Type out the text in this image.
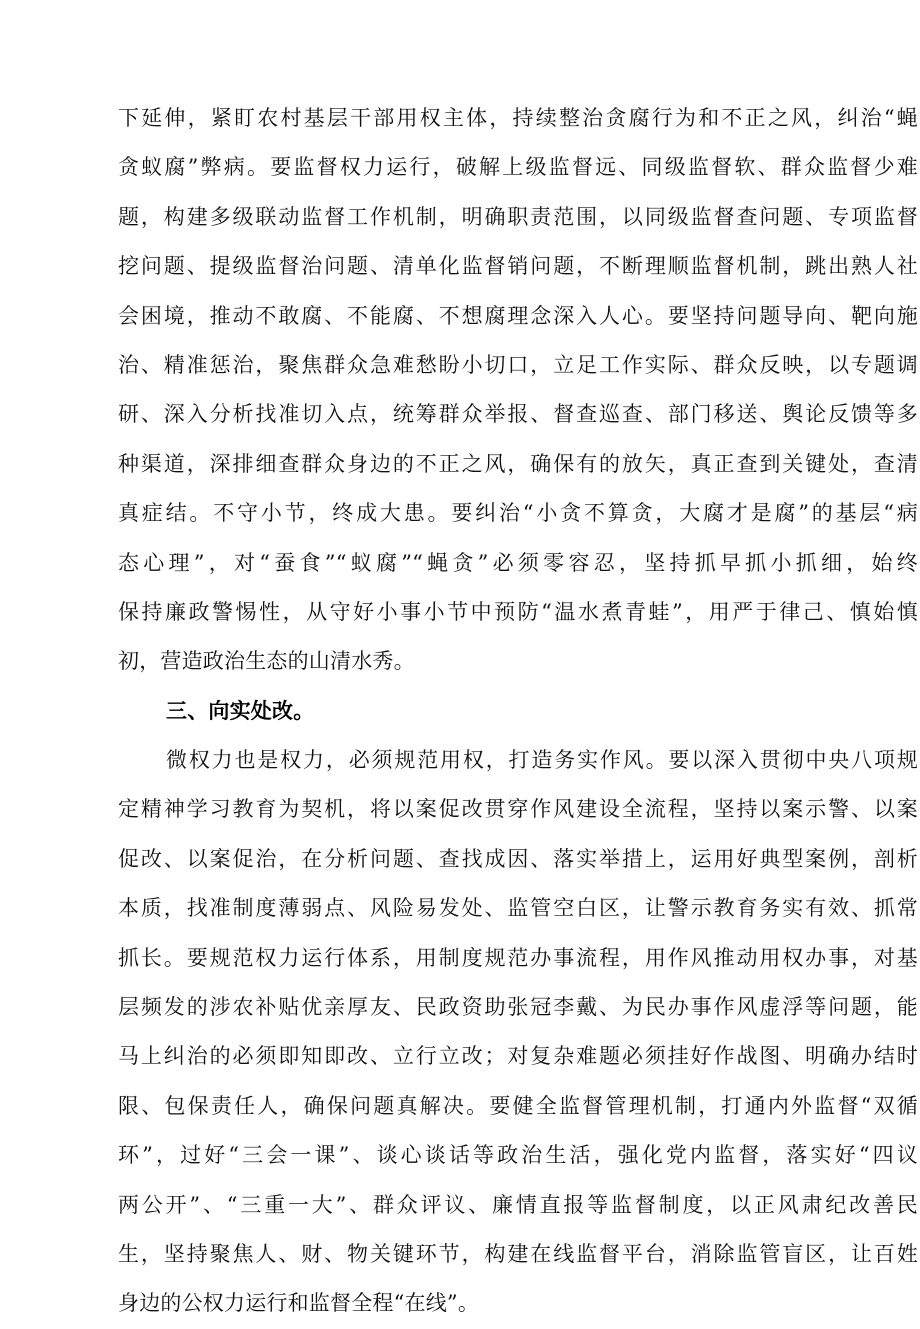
下延伸，紧盯农村基层干部用权主体，持续整治贪腐行为和不正之风，纠治“蝇
贪蚁腐”弊病。要监督权力运行，破解上级监督远、同级监督软、群众监督少难
题，构建多级联动监督工作机制，明确职责范围，以同级监督查问题、专项监督
挖问题、提级监督治问题、清单化监督销问题，不断理顺监督机制，跳出熟人社
会困境，推动不敢腐、不能腐、不想腐理念深入人心。要坚持问题导向、靶向施
治、精准惩治，聚焦群众急难愁盼小切口，立足工作实际、群众反映，以专题调
研、深入分析找准切入点，统筹群众举报、督查巡查、部门移送、舆论反馈等多
种渠道，深排细查群众身边的不正之风，确保有的放矢，真正查到关键处，查清
真症结。不守小节，终成大患。要纠治“小贪不算贪，大腐才是腐”的基层“病
态心理”，对“蚕食”“蚁腐”“蝇贪”必须零容忍，坚持抓早抓小抓细，始终
保持廉政警惕性，从守好小事小节中预防“温水煮青蛙”，用严于律己、慎始慎
初，营造政治生态的山清水秀。
三、向实处改。
微权力也是权力，必须规范用权，打造务实作风。要以深入贯彻中央八项规
定精神学习教育为契机，将以案促改贯穿作风建设全流程，坚持以案示警、以案
促改、以案促治，在分析问题、查找成因、落实举措上，运用好典型案例，剖析
本质，找准制度薄弱点、风险易发处、监管空白区，让警示教育务实有效、抓常
抓长。要规范权力运行体系，用制度规范办事流程，用作风推动用权办事，对基
层频发的涉农补贴优亲厚友、民政资助张冠李戴、为民办事作风虚浮等问题，能
马上纠治的必须即知即改、立行立改；对复杂难题必须挂好作战图、明确办结时
限、包保责任人，确保问题真解决。要健全监督管理机制，打通内外监督“双循
环”，过好“三会一课”、谈心谈话等政治生活，强化党内监督，落实好“四议
两公开”、“三重一大”、群众评议、廉情直报等监督制度，以正风肃纪改善民
生，坚持聚焦人、财、物关键环节，构建在线监督平台，消除监管盲区，让百姓
身边的公权力运行和监督全程“在线”。
